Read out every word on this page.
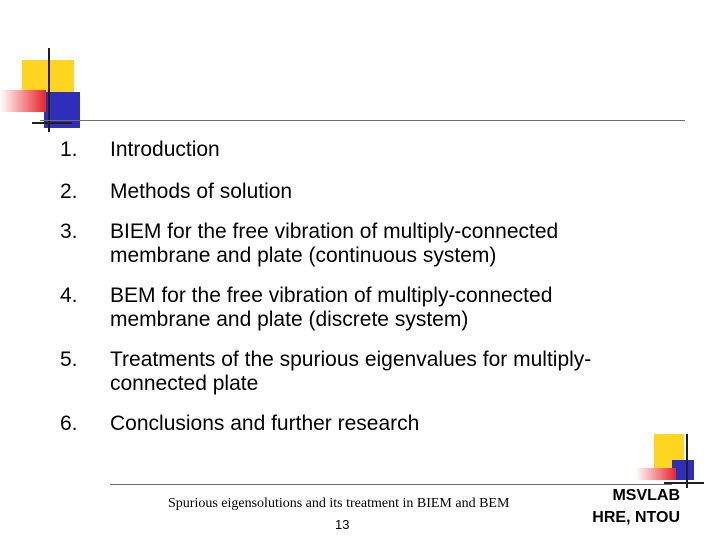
1. Introduction
2. Methods of solution
3. BIEM for the free vibration of multiply-connected membrane and plate (continuous system)
4. BEM for the free vibration of multiply-connected membrane and plate (discrete system)
5. Treatments of the spurious eigenvalues for multiply-connected plate
6. Conclusions and further research
Spurious eigensolutions and its treatment in BIEM and BEM
13
MSVLAB
HRE, NTOU
